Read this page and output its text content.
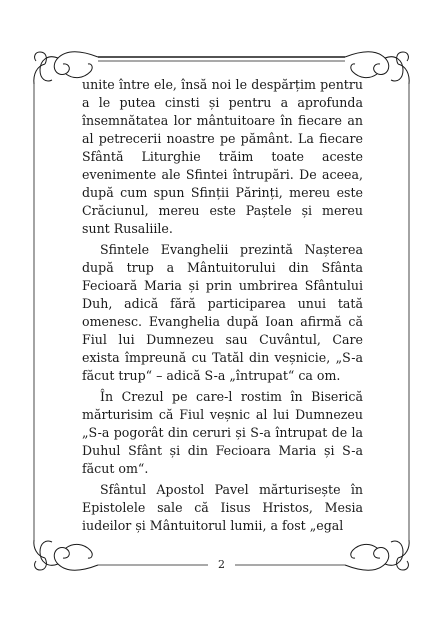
unite între ele, însă noi le despărțim pentru a le putea cinsti și pentru a aprofunda însemnătatea lor mântuitoare în fiecare an al petrecerii noastre pe pământ. La fiecare Sfântă Liturghie trăim toate aceste evenimente ale Sfintei întrupări. De aceea, după cum spun Sfinții Părinți, mereu este Crăciunul, mereu este Paștele și mereu sunt Rusaliile.

Sfintele Evanghelii prezintă Nașterea după trup a Mântuitorului din Sfânta Fecioară Maria și prin umbrirea Sfântului Duh, adică fără participarea unui tată omenesc. Evanghelia după Ioan afirmă că Fiul lui Dumnezeu sau Cuvântul, Care exista împreună cu Tatăl din veșnicie, „S-a făcut trup“ – adică S-a „întrupat“ ca om.

În Crezul pe care-l rostim în Biserică mărturisim că Fiul veșnic al lui Dumnezeu „S-a pogorât din ceruri și S-a întrupat de la Duhul Sfânt și din Fecioara Maria și S-a făcut om“.

Sfântul Apostol Pavel mărturisește în Epistolele sale că Iisus Hristos, Mesia iudeilor și Mântuitorul lumii, a fost „egal

2
